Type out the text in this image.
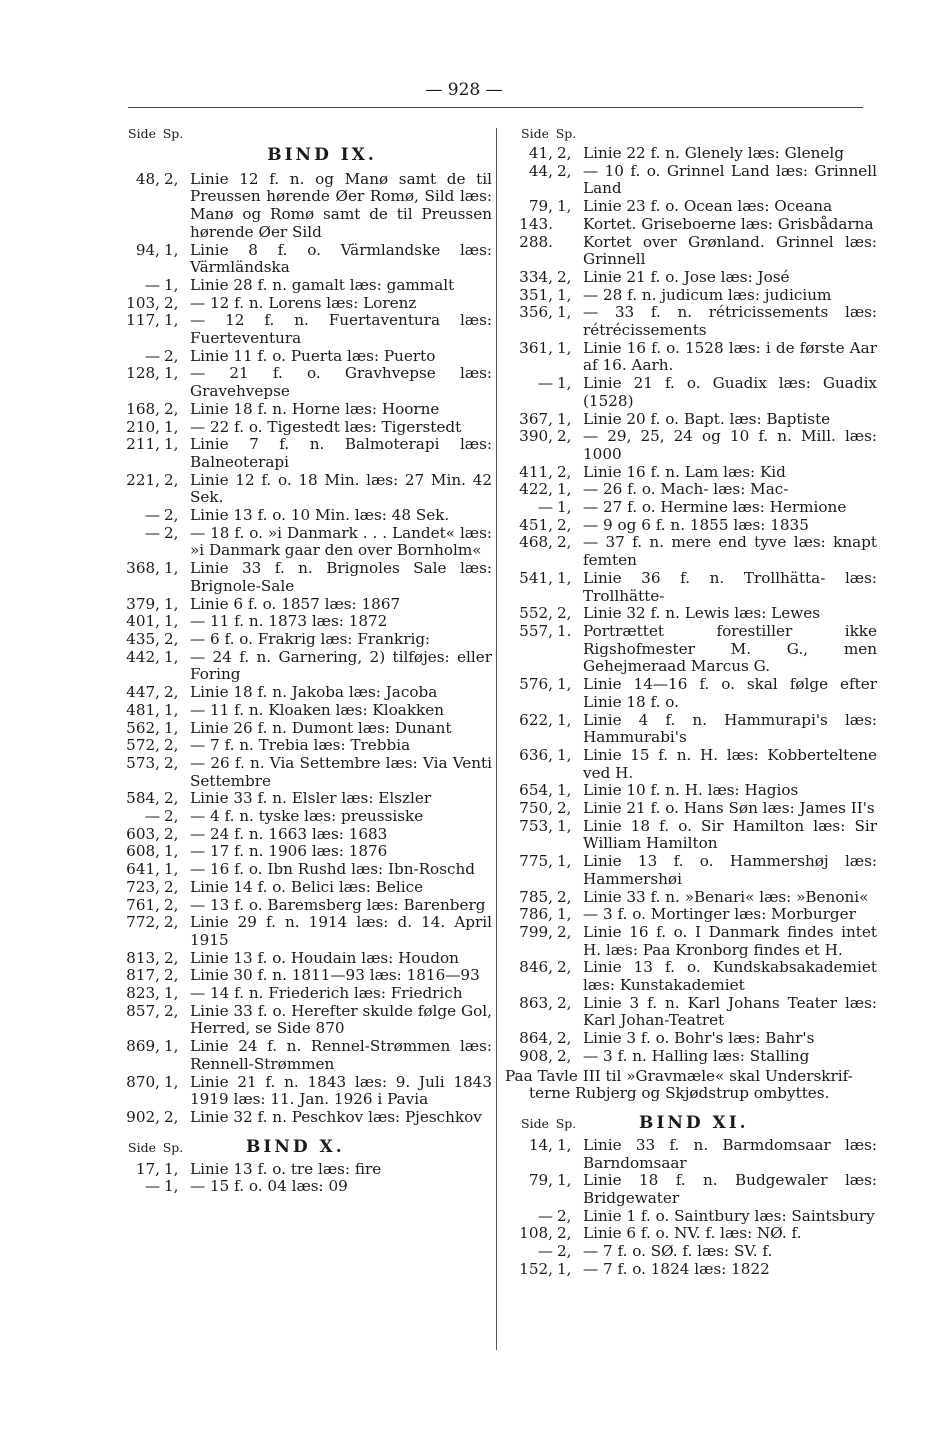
— 928 —
Side Sp.
BIND IX.
48, 2, Linie 12 f. n. og Manø samt de til Preussen hørende Øer Romø, Sild læs: Manø og Romø samt de til Preussen hørende Øer Sild
94, 1, Linie 8 f. o. Värmlandske læs: Värmländska
— 1, Linie 28 f. n. gamalt læs: gammalt
103, 2, — 12 f. n. Lorens læs: Lorenz
117, 1, — 12 f. n. Fuertaventura læs: Fuerteventura
— 2, Linie 11 f. o. Puerta læs: Puerto
128, 1, — 21 f. o. Gravhvepse læs: Gravehvepse
168, 2, Linie 18 f. n. Horne læs: Hoorne
210, 1, — 22 f. o. Tigestedt læs: Tigerstedt
211, 1, Linie 7 f. n. Balmoterapi læs: Balneoterapi
221, 2, Linie 12 f. o. 18 Min. læs: 27 Min. 42 Sek.
— 2, Linie 13 f. o. 10 Min. læs: 48 Sek.
— 2, — 18 f. o. »i Danmark . . . Landet« læs: »i Danmark gaar den over Bornholm«
368, 1, Linie 33 f. n. Brignoles Sale læs: Brignole-Sale
379, 1, Linie 6 f. o. 1857 læs: 1867
401, 1, — 11 f. n. 1873 læs: 1872
435, 2, — 6 f. o. Frakrig læs: Frankrig:
442, 1, — 24 f. n. Garnering, 2) tilføjes: eller Foring
447, 2, Linie 18 f. n. Jakoba læs: Jacoba
481, 1, — 11 f. n. Kloaken læs: Kloakken
562, 1, Linie 26 f. n. Dumont læs: Dunant
572, 2, — 7 f. n. Trebia læs: Trebbia
573, 2, — 26 f. n. Via Settembre læs: Via Venti Settembre
584, 2, Linie 33 f. n. Elsler læs: Elszler
— 2, — 4 f. n. tyske læs: preussiske
603, 2, — 24 f. n. 1663 læs: 1683
608, 1, — 17 f. n. 1906 læs: 1876
641, 1, — 16 f. o. Ibn Rushd læs: Ibn-Roschd
723, 2, Linie 14 f. o. Belici læs: Belice
761, 2, — 13 f. o. Baremsberg læs: Barenberg
772, 2, Linie 29 f. n. 1914 læs: d. 14. April 1915
813, 2, Linie 13 f. o. Houdain læs: Houdon
817, 2, Linie 30 f. n. 1811—93 læs: 1816—93
823, 1, — 14 f. n. Friederich læs: Friedrich
857, 2, Linie 33 f. o. Herefter skulde følge Gol, Herred, se Side 870
869, 1, Linie 24 f. n. Rennel-Strømmen læs: Rennell-Strømmen
870, 1, Linie 21 f. n. 1843 læs: 9. Juli 1843 1919 læs: 11. Jan. 1926 i Pavia
902, 2, Linie 32 f. n. Peschkov læs: Pjeschkov
Side Sp.	BIND X.
17, 1, Linie 13 f. o. tre læs: fire
— 1, — 15 f. o. 04 læs: 09
Side Sp.
41, 2, Linie 22 f. n. Glenely læs: Glenelg
44, 2, — 10 f. o. Grinnel Land læs: Grinnell Land
79, 1, Linie 23 f. o. Ocean læs: Oceana
143. Kortet. Griseboerne læs: Grisbådarna
288. Kortet over Grønland. Grinnel læs: Grinnell
334, 2, Linie 21 f. o. Jose læs: José
351, 1, — 28 f. n. judicum læs: judicium
356, 1, — 33 f. n. rétricissements læs: rétrécissements
361, 1, Linie 16 f. o. 1528 læs: i de første Aar af 16. Aarh.
— 1, Linie 21 f. o. Guadix læs: Guadix (1528)
367, 1, Linie 20 f. o. Bapt. læs: Baptiste
390, 2, — 29, 25, 24 og 10 f. n. Mill. læs: 1000
411, 2, Linie 16 f. n. Lam læs: Kid
422, 1, — 26 f. o. Mach- læs: Mac-
— 1, — 27 f. o. Hermine læs: Hermione
451, 2, — 9 og 6 f. n. 1855 læs: 1835
468, 2, — 37 f. n. mere end tyve læs: knapt femten
541, 1, Linie 36 f. n. Trollhätta- læs: Trollhätte-
552, 2, Linie 32 f. n. Lewis læs: Lewes
557, 1. Portrættet forestiller ikke Rigshofmester M. G., men Gehejmeraad Marcus G.
576, 1, Linie 14—16 f. o. skal følge efter Linie 18 f. o.
622, 1, Linie 4 f. n. Hammurapi's læs: Hammurabi's
636, 1, Linie 15 f. n. H. læs: Kobberteltene ved H.
654, 1, Linie 10 f. n. H. læs: Hagios
750, 2, Linie 21 f. o. Hans Søn læs: James II's
753, 1, Linie 18 f. o. Sir Hamilton læs: Sir William Hamilton
775, 1, Linie 13 f. o. Hammershøj læs: Hammershøi
785, 2, Linie 33 f. n. »Benari« læs: »Benoni«
786, 1, — 3 f. o. Mortinger læs: Morburger
799, 2, Linie 16 f. o. I Danmark findes intet H. læs: Paa Kronborg findes et H.
846, 2, Linie 13 f. o. Kundskabsakademiet læs: Kunstakademiet
863, 2, Linie 3 f. n. Karl Johans Teater læs: Karl Johan-Teatret
864, 2, Linie 3 f. o. Bohr's læs: Bahr's
908, 2, — 3 f. n. Halling læs: Stalling
Paa Tavle III til »Gravmæle« skal Underskrif-
terne Rubjerg og Skjødstrup ombyttes.
Side Sp.	BIND XI.
14, 1, Linie 33 f. n. Barmdomsaar læs: Barndomsaar
79, 1, Linie 18 f. n. Budgewaler læs: Bridgewater
— 2, Linie 1 f. o. Saintbury læs: Saintsbury
108, 2, Linie 6 f. o. NV. f. læs: NØ. f.
— 2, — 7 f. o. SØ. f. læs: SV. f.
152, 1, — 7 f. o. 1824 læs: 1822
